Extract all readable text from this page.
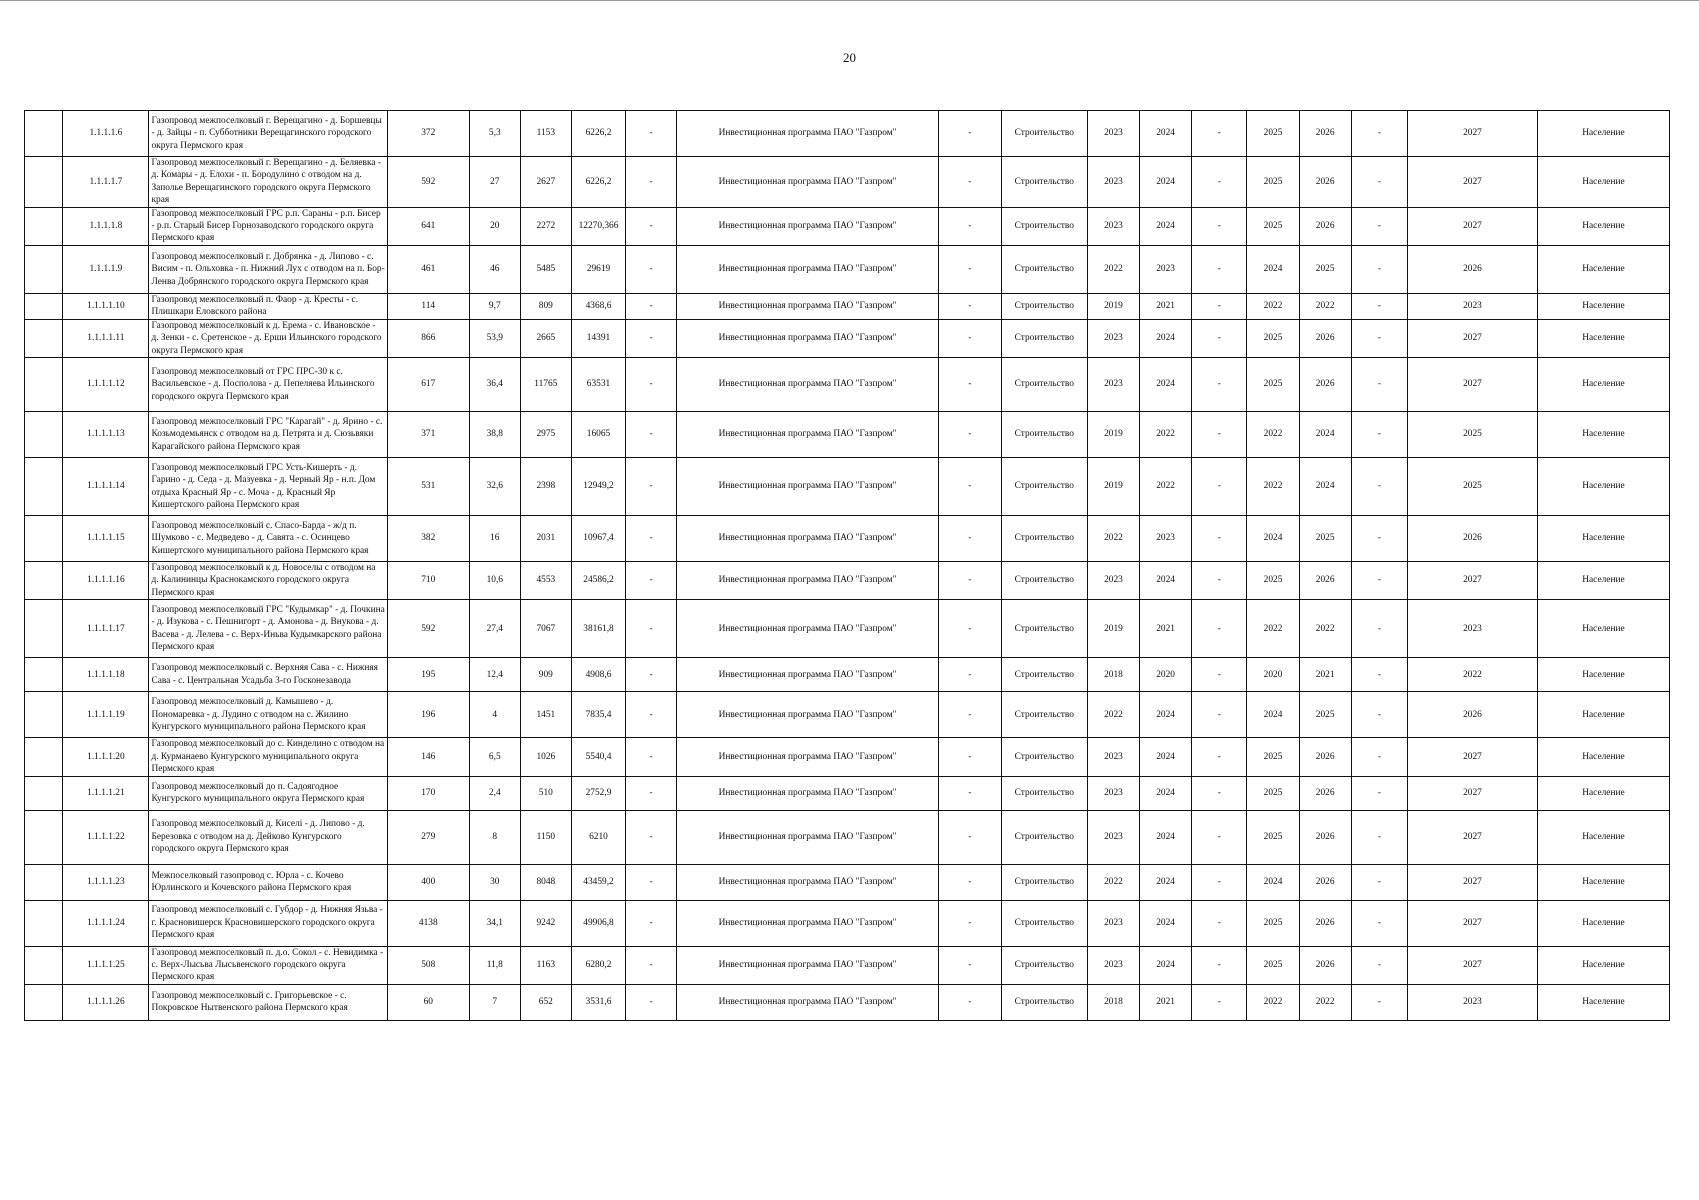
20
	1.1.1.1.6	Газопровод межпоселковый г. Верещагино - д. Боршевцы - д. Зайцы - п. Субботники Верещагинского городского округа Пермского края	372	5,3	1153	6226,2	-	Инвестиционная программа ПАО "Газпром"	-	Строительство	2023	2024	-	2025	2026	-	2027	Население
	1.1.1.1.7	Газопровод межпоселковый г. Верещагино - д. Беляевка - д. Комары - д. Елохи - п. Бородулино с отводом на д. Заполье Верещагинского городского округа Пермского края	592	27	2627	6226,2	-	Инвестиционная программа ПАО "Газпром"	-	Строительство	2023	2024	-	2025	2026	-	2027	Население
	1.1.1.1.8	Газопровод межпоселковый ГРС р.п. Сараны - р.п. Бисер - р.п. Старый Бисер Горнозаводского городского округа Пермского края	641	20	2272	12270,366	-	Инвестиционная программа ПАО "Газпром"	-	Строительство	2023	2024	-	2025	2026	-	2027	Население
	1.1.1.1.9	Газопровод межпоселковый г. Добрянка - д. Липово - с. Висим - п. Ольховка - п. Нижний Лух с отводом на п. Бор-Ленва Добрянского городского округа Пермского края	461	46	5485	29619	-	Инвестиционная программа ПАО "Газпром"	-	Строительство	2022	2023	-	2024	2025	-	2026	Население
	1.1.1.1.10	Газопровод межпоселковый п. Фаор - д. Кресты - с. Плишкари Еловского района	114	9,7	809	4368,6	-	Инвестиционная программа ПАО "Газпром"	-	Строительство	2019	2021	-	2022	2022	-	2023	Население
	1.1.1.1.11	Газопровод межпоселковый к д. Ерема - с. Ивановское - д. Зенки - с. Сретенское - д. Ерши Ильинского городского округа Пермского края	866	53,9	2665	14391	-	Инвестиционная программа ПАО "Газпром"	-	Строительство	2023	2024	-	2025	2026	-	2027	Население
	1.1.1.1.12	Газопровод межпоселковый от ГРС ПРС-30 к с. Васильевское - д. Посполова - д. Пепеляева Ильинского городского округа Пермского края	617	36,4	11765	63531	-	Инвестиционная программа ПАО "Газпром"	-	Строительство	2023	2024	-	2025	2026	-	2027	Население
	1.1.1.1.13	Газопровод межпоселковый ГРС "Карагай" - д. Ярино - с. Козьмодемьянск с отводом на д. Петрята и д. Сюзьвяки Карагайского района Пермского края	371	38,8	2975	16065	-	Инвестиционная программа ПАО "Газпром"	-	Строительство	2019	2022	-	2022	2024	-	2025	Население
	1.1.1.1.14	Газопровод межпоселковый ГРС Усть-Кишерть - д. Гарино - д. Седа - д. Мазуевка - д. Черный Яр - н.п. Дом отдыха Красный Яр - с. Моча - д. Красный Яр Кишертского района Пермского края	531	32,6	2398	12949,2	-	Инвестиционная программа ПАО "Газпром"	-	Строительство	2019	2022	-	2022	2024	-	2025	Население
	1.1.1.1.15	Газопровод межпоселковый с. Спасо-Барда - ж/д п. Шумково - с. Медведево - д. Савята - с. Осинцево Кишертского муниципального района Пермского края	382	16	2031	10967,4	-	Инвестиционная программа ПАО "Газпром"	-	Строительство	2022	2023	-	2024	2025	-	2026	Население
	1.1.1.1.16	Газопровод межпоселковый к д. Новоселы с отводом на д. Калининцы Краснокамского городского округа Пермского края	710	10,6	4553	24586,2	-	Инвестиционная программа ПАО "Газпром"	-	Строительство	2023	2024	-	2025	2026	-	2027	Население
	1.1.1.1.17	Газопровод межпоселковый ГРС "Кудымкар" - д. Почкина - д. Изукова - с. Пешнигорт - д. Амонова - д. Внукова - д. Васева - д. Лелева - с. Верх-Иньва Кудымкарского района Пермского края	592	27,4	7067	38161,8	-	Инвестиционная программа ПАО "Газпром"	-	Строительство	2019	2021	-	2022	2022	-	2023	Население
	1.1.1.1.18	Газопровод межпоселковый с. Верхняя Сава - с. Нижняя Сава - с. Центральная Усадьба 3-го Госконезавода	195	12,4	909	4908,6	-	Инвестиционная программа ПАО "Газпром"	-	Строительство	2018	2020	-	2020	2021	-	2022	Население
	1.1.1.1.19	Газопровод межпоселковый д. Камышево - д. Пономаревка - д. Лудино с отводом на с. Жилино Кунгурского муниципального района Пермского края	196	4	1451	7835,4	-	Инвестиционная программа ПАО "Газпром"	-	Строительство	2022	2024	-	2024	2025	-	2026	Население
	1.1.1.1.20	Газопровод межпоселковый до с. Кинделино с отводом на д. Курманаево Кунгурского муниципального округа Пермского края	146	6,5	1026	5540,4	-	Инвестиционная программа ПАО "Газпром"	-	Строительство	2023	2024	-	2025	2026	-	2027	Население
	1.1.1.1.21	Газопровод межпоселковый до п. Садоягодное Кунгурского муниципального округа Пермского края	170	2,4	510	2752,9	-	Инвестиционная программа ПАО "Газпром"	-	Строительство	2023	2024	-	2025	2026	-	2027	Население
	1.1.1.1.22	Газопровод межпоселковый д. Киселі - д. Липово - д. Березовка с отводом на д. Дейково Кунгурского городского округа Пермского края	279	8	1150	6210	-	Инвестиционная программа ПАО "Газпром"	-	Строительство	2023	2024	-	2025	2026	-	2027	Население
	1.1.1.1.23	Межпоселковый газопровод с. Юрла - с. Кочево Юрлинского и Кочевского района Пермского края	400	30	8048	43459,2	-	Инвестиционная программа ПАО "Газпром"	-	Строительство	2022	2024	-	2024	2026	-	2027	Население
	1.1.1.1.24	Газопровод межпоселковый с. Губдор - д. Нижняя Язьва - г. Красновишерск Красновишерского городского округа Пермского края	4138	34,1	9242	49906,8	-	Инвестиционная программа ПАО "Газпром"	-	Строительство	2023	2024	-	2025	2026	-	2027	Население
	1.1.1.1.25	Газопровод межпоселковый п. д.о. Сокол - с. Невидимка - с. Верх-Лысьва Лысьвенского городского округа Пермского края	508	11,8	1163	6280,2	-	Инвестиционная программа ПАО "Газпром"	-	Строительство	2023	2024	-	2025	2026	-	2027	Население
	1.1.1.1.26	Газопровод межпоселковый с. Григорьевское - с. Покровское Нытвенского района Пермского края	60	7	652	3531,6	-	Инвестиционная программа ПАО "Газпром"	-	Строительство	2018	2021	-	2022	2022	-	2023	Население
